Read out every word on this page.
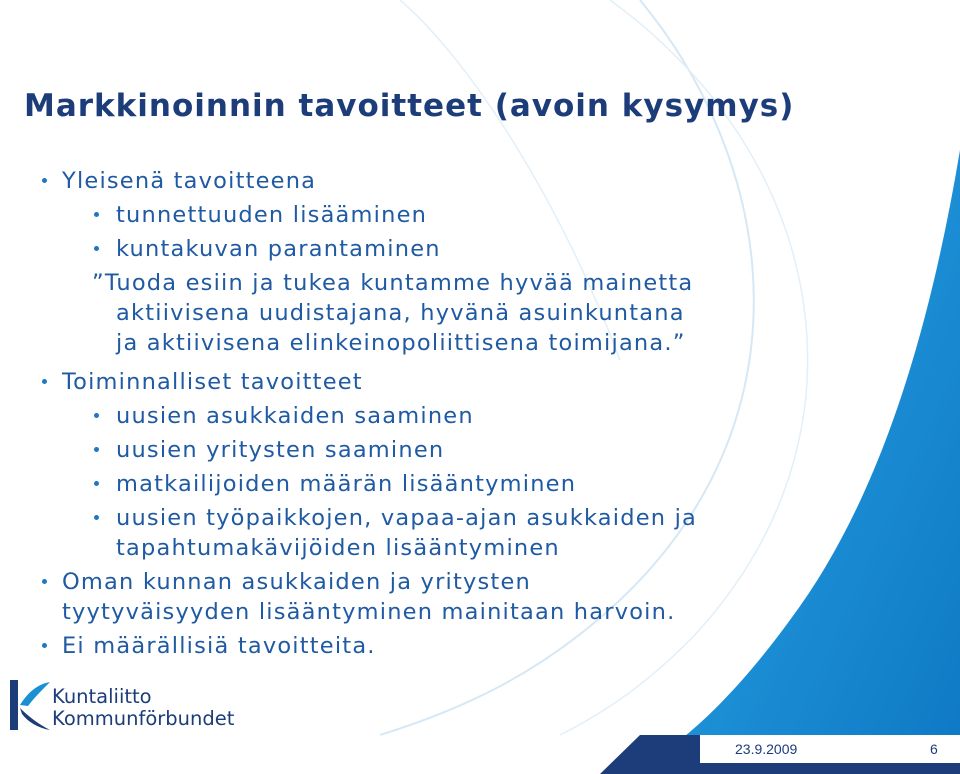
Markkinoinnin tavoitteet (avoin kysymys)
Yleisenä tavoitteena
tunnettuuden lisääminen
kuntakuvan parantaminen
”Tuoda esiin ja tukea kuntamme hyvää mainetta
aktiivisena uudistajana, hyvänä asuinkuntana
ja aktiivisena elinkeinopoliittisena toimijana.”
Toiminnalliset tavoitteet
uusien asukkaiden saaminen
uusien yritysten saaminen
matkailijoiden määrän lisääntyminen
uusien työpaikkojen, vapaa-ajan asukkaiden ja
tapahtumakävijöiden lisääntyminen
Oman kunnan asukkaiden ja yritysten
tyytyväisyyden lisääntyminen mainitaan harvoin.
Ei määrällisiä tavoitteita.
Kuntaliitto
Kommunförbundet
23.9.2009	6
